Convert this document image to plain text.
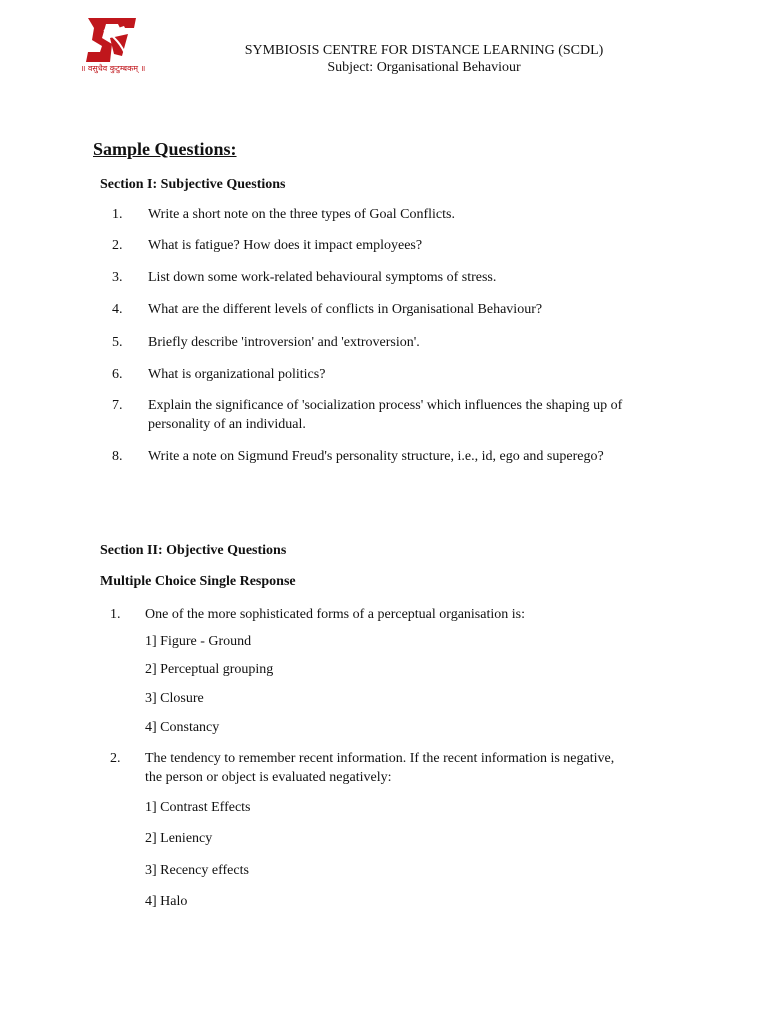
॥ वसुधैव कुटुम्बकम् ॥
SYMBIOSIS CENTRE FOR DISTANCE LEARNING (SCDL)
Subject: Organisational Behaviour
Sample Questions:
Section I: Subjective Questions
1.	Write a short note on the three types of Goal Conflicts.
2.	What is fatigue? How does it impact employees?
3.	List down some work-related behavioural symptoms of stress.
4.	What are the different levels of conflicts in Organisational Behaviour?
5.	Briefly describe 'introversion' and 'extroversion'.
6.	What is organizational politics?
7.	Explain the significance of 'socialization process' which influences the shaping up of
personality of an individual.
8.	Write a note on Sigmund Freud's personality structure, i.e., id, ego and superego?
Section II: Objective Questions
Multiple Choice Single Response
1.	One of the more sophisticated forms of a perceptual organisation is:
1] Figure - Ground
2] Perceptual grouping
3] Closure
4] Constancy
2.	The tendency to remember recent information. If the recent information is negative,
the person or object is evaluated negatively:
1] Contrast Effects
2] Leniency
3] Recency effects
4] Halo
